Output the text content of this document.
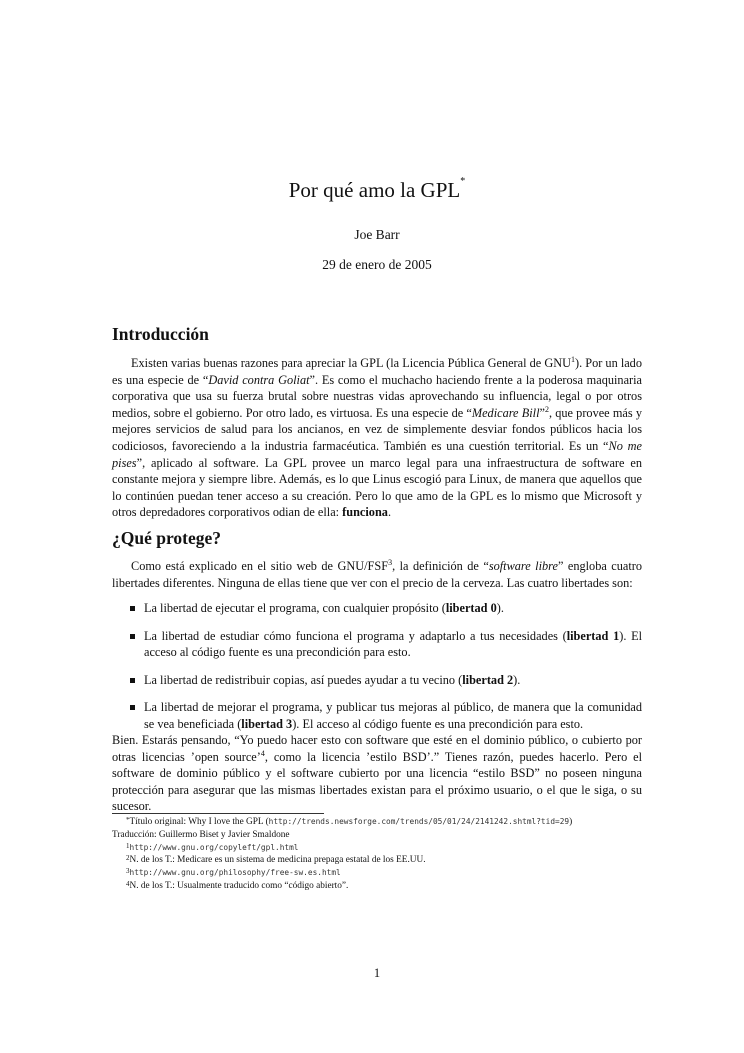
Por qué amo la GPL*
Joe Barr
29 de enero de 2005
Introducción

Existen varias buenas razones para apreciar la GPL (la Licencia Pública General de GNU$^1$). Por un lado es una especie de “David contra Goliat”. Es como el muchacho haciendo frente a la poderosa maquinaria corporativa que usa su fuerza brutal sobre nuestras vidas aprovechando su influencia, legal o por otros medios, sobre el gobierno. Por otro lado, es virtuosa. Es una especie de “Medicare Bill”$^2$, que provee más y mejores servicios de salud para los ancianos, en vez de simplemente desviar fondos públicos hacia los codiciosos, favoreciendo a la industria farmacéutica. También es una cuestión territorial. Es un “No me pises”, aplicado al software. La GPL provee un marco legal para una infraestructura de software en constante mejora y siempre libre. Además, es lo que Linus escogió para Linux, de manera que aquellos que lo continúen puedan tener acceso a su creación. Pero lo que amo de la GPL es lo mismo que Microsoft y otros depredadores corporativos odian de ella: funciona.

¿Qué protege?

Como está explicado en el sitio web de GNU/FSF$^3$, la definición de “software libre” engloba cuatro libertades diferentes. Ninguna de ellas tiene que ver con el precio de la cerveza. Las cuatro libertades son:

La libertad de ejecutar el programa, con cualquier propósito (libertad 0).
La libertad de estudiar cómo funciona el programa y adaptarlo a tus necesidades (libertad 1). El acceso al código fuente es una precondición para esto.
La libertad de redistribuir copias, así puedes ayudar a tu vecino (libertad 2).
La libertad de mejorar el programa, y publicar tus mejoras al público, de manera que la comunidad se vea beneficiada (libertad 3). El acceso al código fuente es una precondición para esto.

Bien. Estarás pensando, “Yo puedo hacer esto con software que esté en el dominio público, o cubierto por otras licencias ’open source’$^4$, como la licencia ’estilo BSD’.” Tienes razón, puedes hacerlo. Pero el software de dominio público y el software cubierto por una licencia “estilo BSD” no poseen ninguna protección para asegurar que las mismas libertades existan para el próximo usuario, o el que le siga, o su sucesor.

*Título original: Why I love the GPL (http://trends.newsforge.com/trends/05/01/24/2141242.shtml?tid=29)
Traducción: Guillermo Biset y Javier Smaldone
$^1$http://www.gnu.org/copyleft/gpl.html
$^2$N. de los T.: Medicare es un sistema de medicina prepaga estatal de los EE.UU.
$^3$http://www.gnu.org/philosophy/free-sw.es.html
$^4$N. de los T.: Usualmente traducido como “código abierto”.
1
